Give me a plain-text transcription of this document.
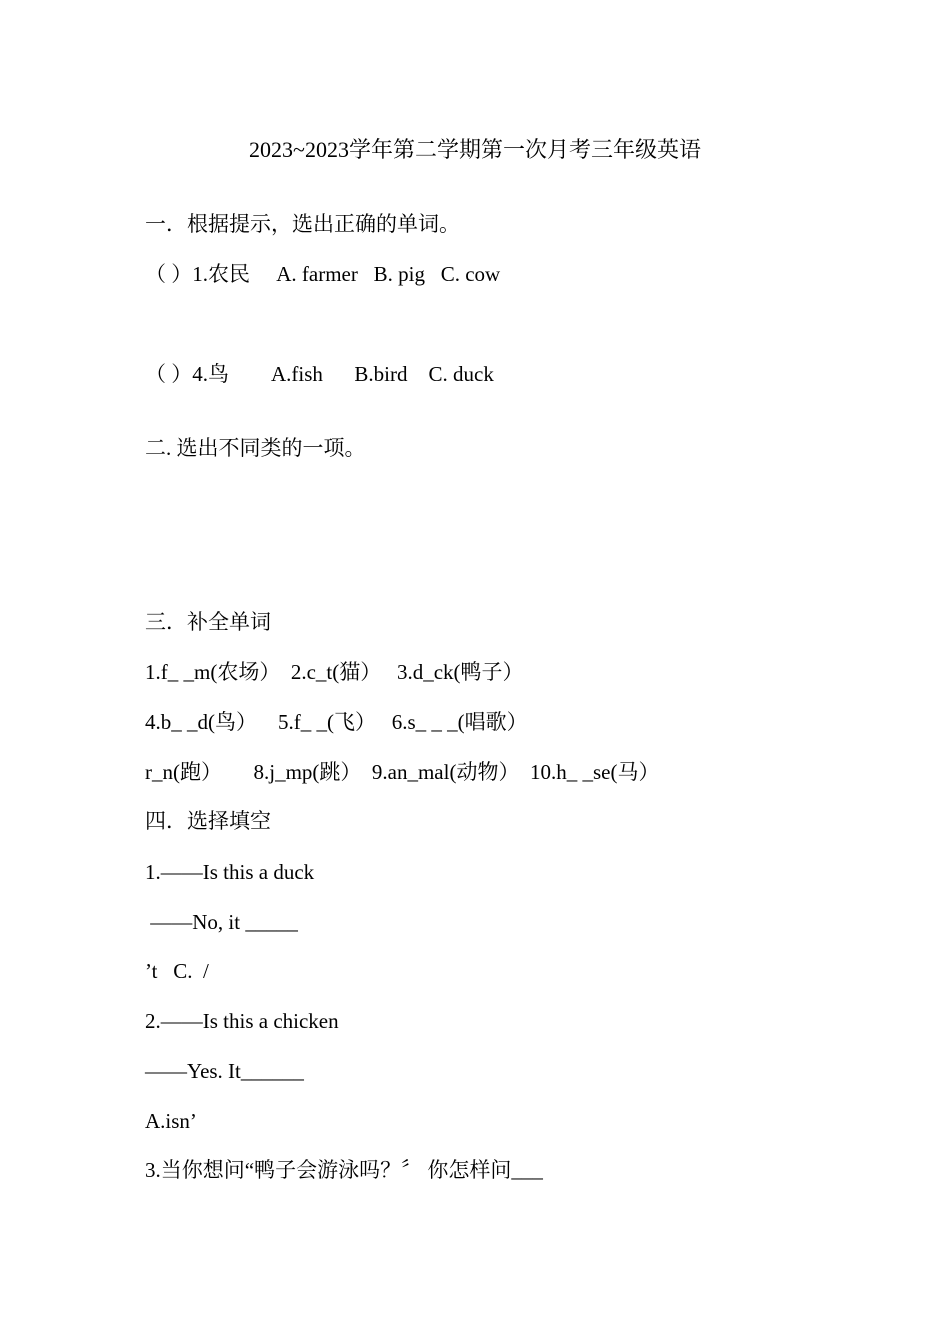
2023~2023学年第二学期第一次月考三年级英语
一．根据提示，选出正确的单词。
（ ）1.农民     A. farmer   B. pig   C. cow
（ ）4.鸟        A.fish      B.bird    C. duck
二. 选出不同类的一项。
三．补全单词
1.f_ _m(农场）  2.c_t(猫）   3.d_ck(鸭子）
4.b_ _d(鸟）    5.f_ _(飞）   6.s_ _ _(唱歌）
r_n(跑）      8.j_mp(跳）  9.an_mal(动物）  10.h_ _se(马）
四．选择填空
1.——Is this a duck
——No, it _____
’t   C.  /
2.——Is this a chicken
——Yes. It______
A.isn’
3.当你想问“鸭子会游泳吗？〞 你怎样问___
